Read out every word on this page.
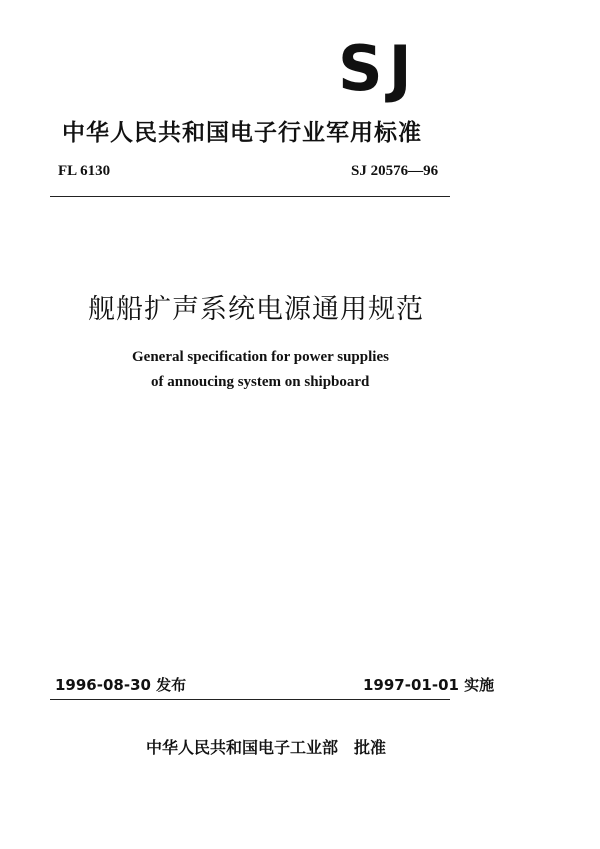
SJ
中华人民共和国电子行业军用标准
FL 6130	SJ 20576—96
舰船扩声系统电源通用规范
General specification for power supplies
of annoucing system on shipboard
1996-08-30 发布	1997-01-01 实施
中华人民共和国电子工业部　批准
